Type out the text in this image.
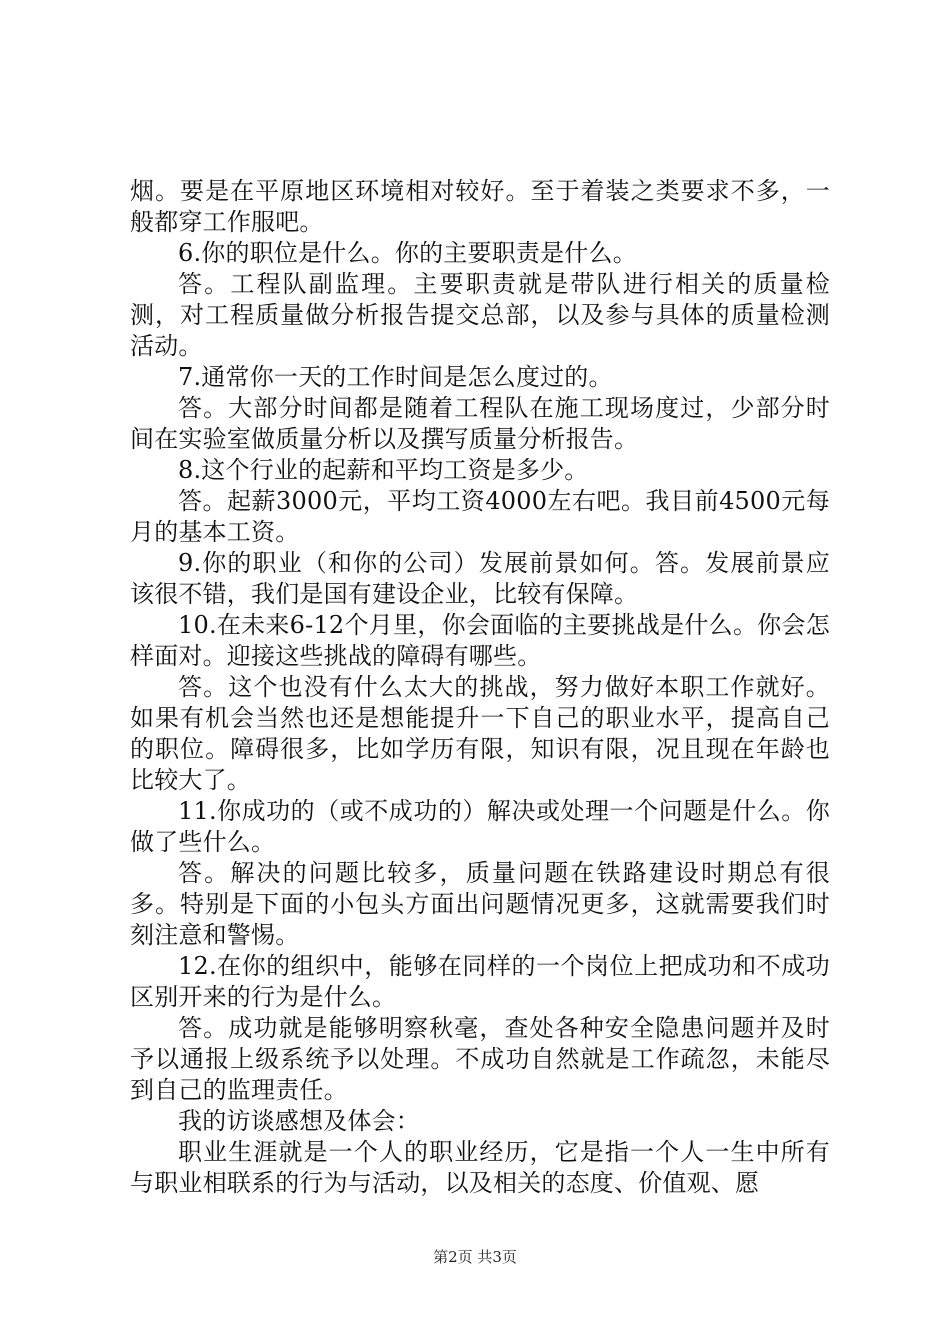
烟。要是在平原地区环境相对较好。至于着装之类要求不多，一般都穿工作服吧。

6.你的职位是什么。你的主要职责是什么。

答。工程队副监理。主要职责就是带队进行相关的质量检测，对工程质量做分析报告提交总部，以及参与具体的质量检测活动。

7.通常你一天的工作时间是怎么度过的。

答。大部分时间都是随着工程队在施工现场度过，少部分时间在实验室做质量分析以及撰写质量分析报告。

8.这个行业的起薪和平均工资是多少。

答。起薪3000元，平均工资4000左右吧。我目前4500元每月的基本工资。

9.你的职业（和你的公司）发展前景如何。答。发展前景应该很不错，我们是国有建设企业，比较有保障。

10.在未来6-12个月里，你会面临的主要挑战是什么。你会怎样面对。迎接这些挑战的障碍有哪些。

答。这个也没有什么太大的挑战，努力做好本职工作就好。如果有机会当然也还是想能提升一下自己的职业水平，提高自己的职位。障碍很多，比如学历有限，知识有限，况且现在年龄也比较大了。

11.你成功的（或不成功的）解决或处理一个问题是什么。你做了些什么。

答。解决的问题比较多，质量问题在铁路建设时期总有很多。特别是下面的小包头方面出问题情况更多，这就需要我们时刻注意和警惕。

12.在你的组织中，能够在同样的一个岗位上把成功和不成功区别开来的行为是什么。

答。成功就是能够明察秋毫，查处各种安全隐患问题并及时予以通报上级系统予以处理。不成功自然就是工作疏忽，未能尽到自己的监理责任。

我的访谈感想及体会：

职业生涯就是一个人的职业经历，它是指一个人一生中所有与职业相联系的行为与活动，以及相关的态度、价值观、愿

第2页 共3页
